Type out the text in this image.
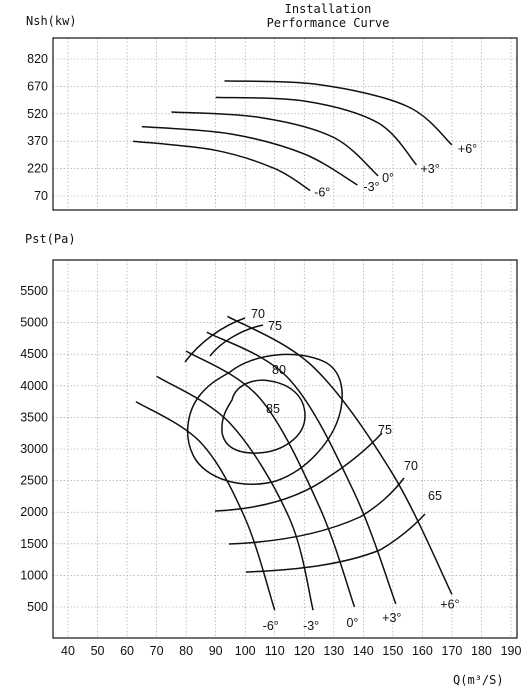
Installation
Performance Curve
Nsh(kw)
Pst(Pa)
Q(m³/S)
820
670
520
370
220
70	-6°	-3°
0°
+3°
+6°
5500
5000
4500
4000
3500
3000
2500
2000
1500
1000
500
40 50 60 70 80 90 100 110 120 130 140 150 160 170 180 190
-6° -3° 0° +3°
+6°
85
80
75
70
65
70
75
